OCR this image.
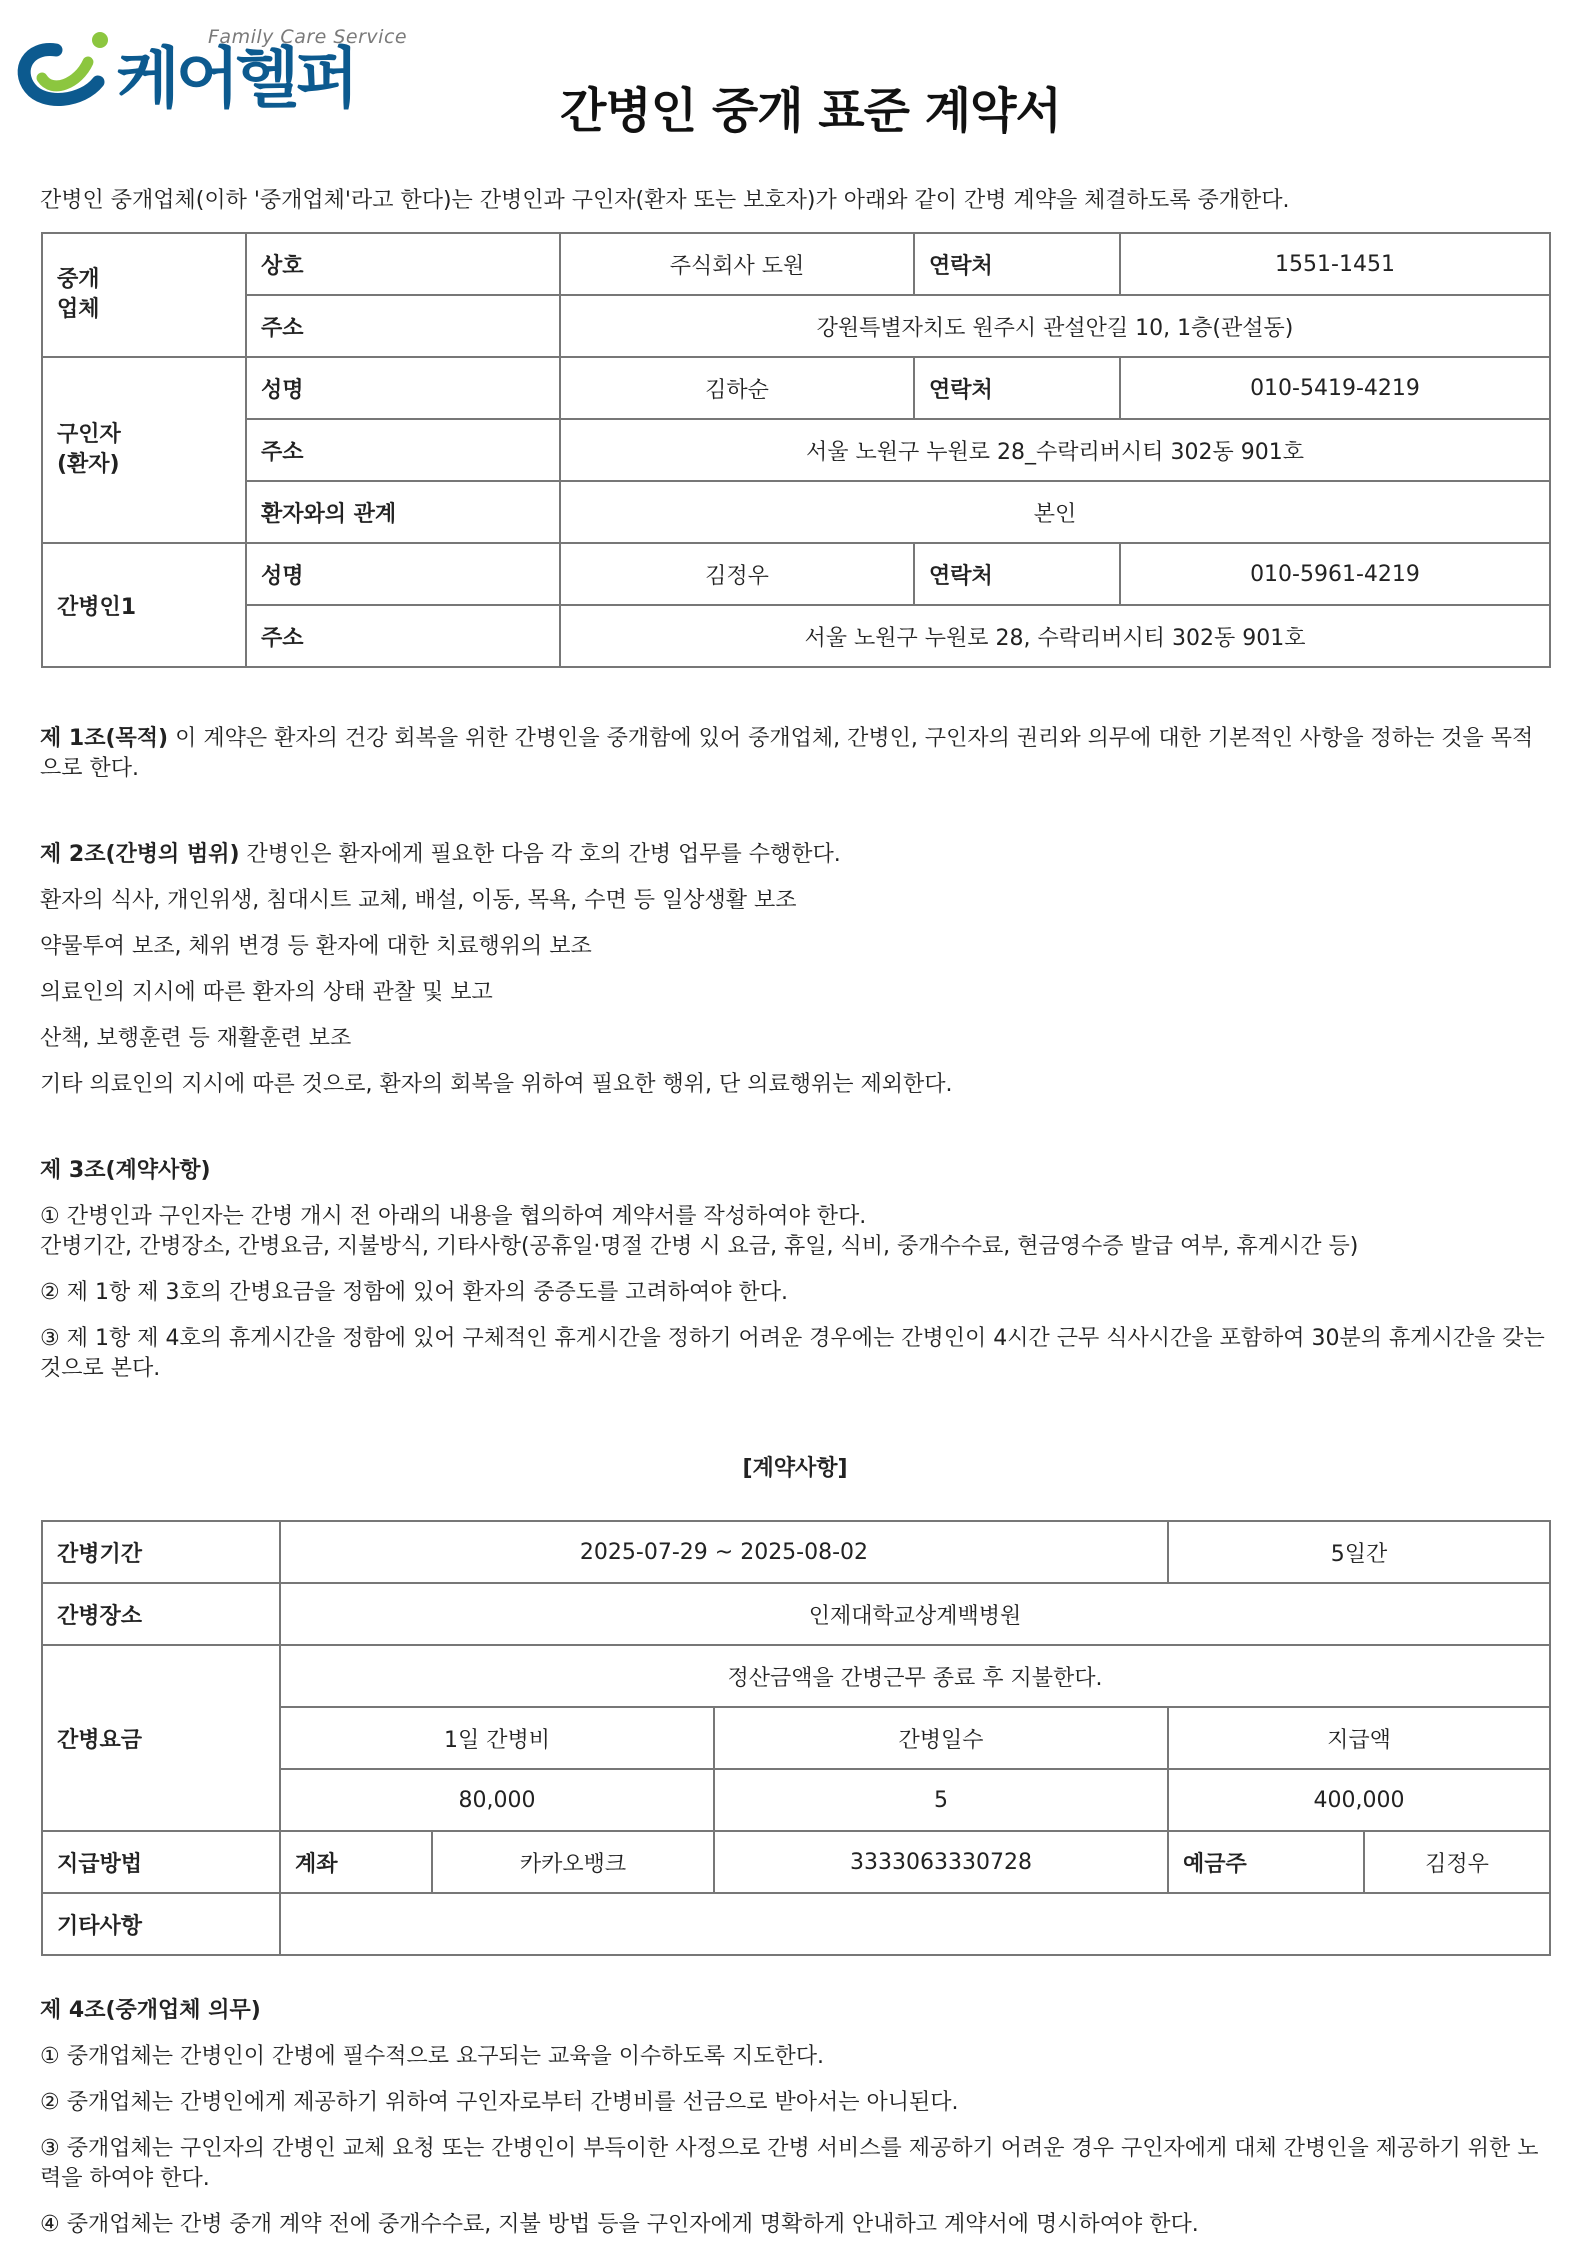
Family Care Service
케어헬퍼	간병인 중개 표준 계약서
간병인 중개업체(이하 '중개업체'라고 한다)는 간병인과 구인자(환자 또는 보호자)가 아래와 같이 간병 계약을 체결하도록 중개한다.
중개
업체	상호	주식회사 도원	연락처	1551-1451
	주소	강원특별자치도 원주시 관설안길 10, 1층(관설동)		
구인자
(환자)	성명	김하순	연락처	010-5419-4219
	주소	서울 노원구 누원로 28_수락리버시티 302동 901호		
	환자와의 관계	본인		
간병인1	성명	김정우	연락처	010-5961-4219
	주소	서울 노원구 누원로 28, 수락리버시티 302동 901호		
제 1조(목적) 이 계약은 환자의 건강 회복을 위한 간병인을 중개함에 있어 중개업체, 간병인, 구인자의 권리와 의무에 대한 기본적인 사항을 정하는 것을 목적으로 한다.
제 2조(간병의 범위) 간병인은 환자에게 필요한 다음 각 호의 간병 업무를 수행한다.
환자의 식사, 개인위생, 침대시트 교체, 배설, 이동, 목욕, 수면 등 일상생활 보조
약물투여 보조, 체위 변경 등 환자에 대한 치료행위의 보조
의료인의 지시에 따른 환자의 상태 관찰 및 보고
산책, 보행훈련 등 재활훈련 보조
기타 의료인의 지시에 따른 것으로, 환자의 회복을 위하여 필요한 행위, 단 의료행위는 제외한다.
제 3조(계약사항)
① 간병인과 구인자는 간병 개시 전 아래의 내용을 협의하여 계약서를 작성하여야 한다.
간병기간, 간병장소, 간병요금, 지불방식, 기타사항(공휴일·명절 간병 시 요금, 휴일, 식비, 중개수수료, 현금영수증 발급 여부, 휴게시간 등)
② 제 1항 제 3호의 간병요금을 정함에 있어 환자의 중증도를 고려하여야 한다.
③ 제 1항 제 4호의 휴게시간을 정함에 있어 구체적인 휴게시간을 정하기 어려운 경우에는 간병인이 4시간 근무 식사시간을 포함하여 30분의 휴게시간을 갖는 것으로 본다.
[계약사항]
간병기간	2025-07-29 ~ 2025-08-02			5일간	
간병장소	인제대학교상계백병원				
간병요금	정산금액을 간병근무 종료 후 지불한다.				
	1일 간병비		간병일수	지급액	
	80,000		5	400,000	
지급방법	계좌	카카오뱅크	3333063330728	예금주	김정우
기타사항					
제 4조(중개업체 의무)
① 중개업체는 간병인이 간병에 필수적으로 요구되는 교육을 이수하도록 지도한다.
② 중개업체는 간병인에게 제공하기 위하여 구인자로부터 간병비를 선금으로 받아서는 아니된다.
③ 중개업체는 구인자의 간병인 교체 요청 또는 간병인이 부득이한 사정으로 간병 서비스를 제공하기 어려운 경우 구인자에게 대체 간병인을 제공하기 위한 노력을 하여야 한다.
④ 중개업체는 간병 중개 계약 전에 중개수수료, 지불 방법 등을 구인자에게 명확하게 안내하고 계약서에 명시하여야 한다.
